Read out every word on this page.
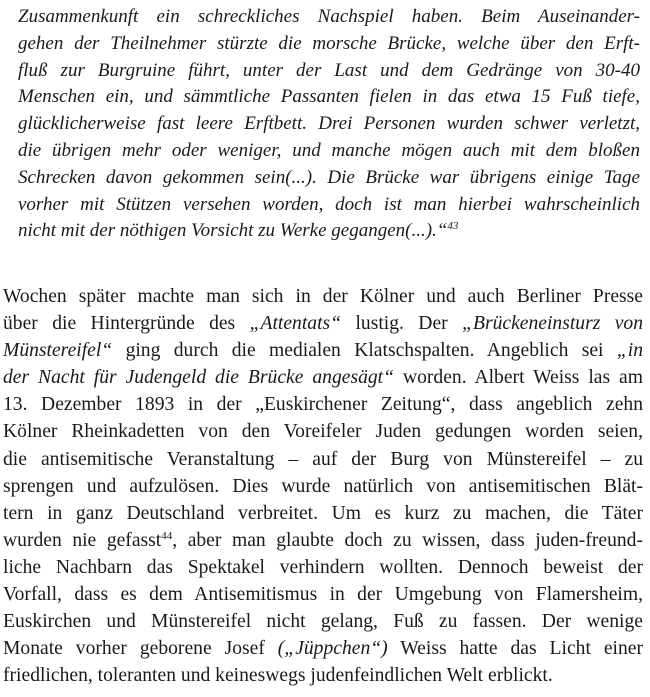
Zusammenkunft ein schreckliches Nachspiel haben. Beim Auseinander-
gehen der Theilnehmer stürzte die morsche Brücke, welche über den Erft-
fluß zur Burgruine führt, unter der Last und dem Gedränge von 30-40
Menschen ein, und sämmtliche Passanten fielen in das etwa 15 Fuß tiefe,
glücklicherweise fast leere Erftbett. Drei Personen wurden schwer verletzt,
die übrigen mehr oder weniger, und manche mögen auch mit dem bloßen
Schrecken davon gekommen sein(...). Die Brücke war übrigens einige Tage
vorher mit Stützen versehen worden, doch ist man hierbei wahrscheinlich
nicht mit der nöthigen Vorsicht zu Werke gegangen(...).“$^{43}$
Wochen später machte man sich in der Kölner und auch Berliner Presse
über die Hintergründe des „Attentats“ lustig. Der „Brückeneinsturz von
Münstereifel“ ging durch die medialen Klatschspalten. Angeblich sei „in
der Nacht für Judengeld die Brücke angesägt“ worden. Albert Weiss las am
13. Dezember 1893 in der „Euskirchener Zeitung“, dass angeblich zehn
Kölner Rheinkadetten von den Voreifeler Juden gedungen worden seien,
die antisemitische Veranstaltung – auf der Burg von Münstereifel – zu
sprengen und aufzulösen. Dies wurde natürlich von antisemitischen Blät-
tern in ganz Deutschland verbreitet. Um es kurz zu machen, die Täter
wurden nie gefasst$^{44}$, aber man glaubte doch zu wissen, dass juden-freund-
liche Nachbarn das Spektakel verhindern wollten. Dennoch beweist der
Vorfall, dass es dem Antisemitismus in der Umgebung von Flamersheim,
Euskirchen und Münstereifel nicht gelang, Fuß zu fassen. Der wenige
Monate vorher geborene Josef („Jüppchen“) Weiss hatte das Licht einer
friedlichen, toleranten und keineswegs judenfeindlichen Welt erblickt.
